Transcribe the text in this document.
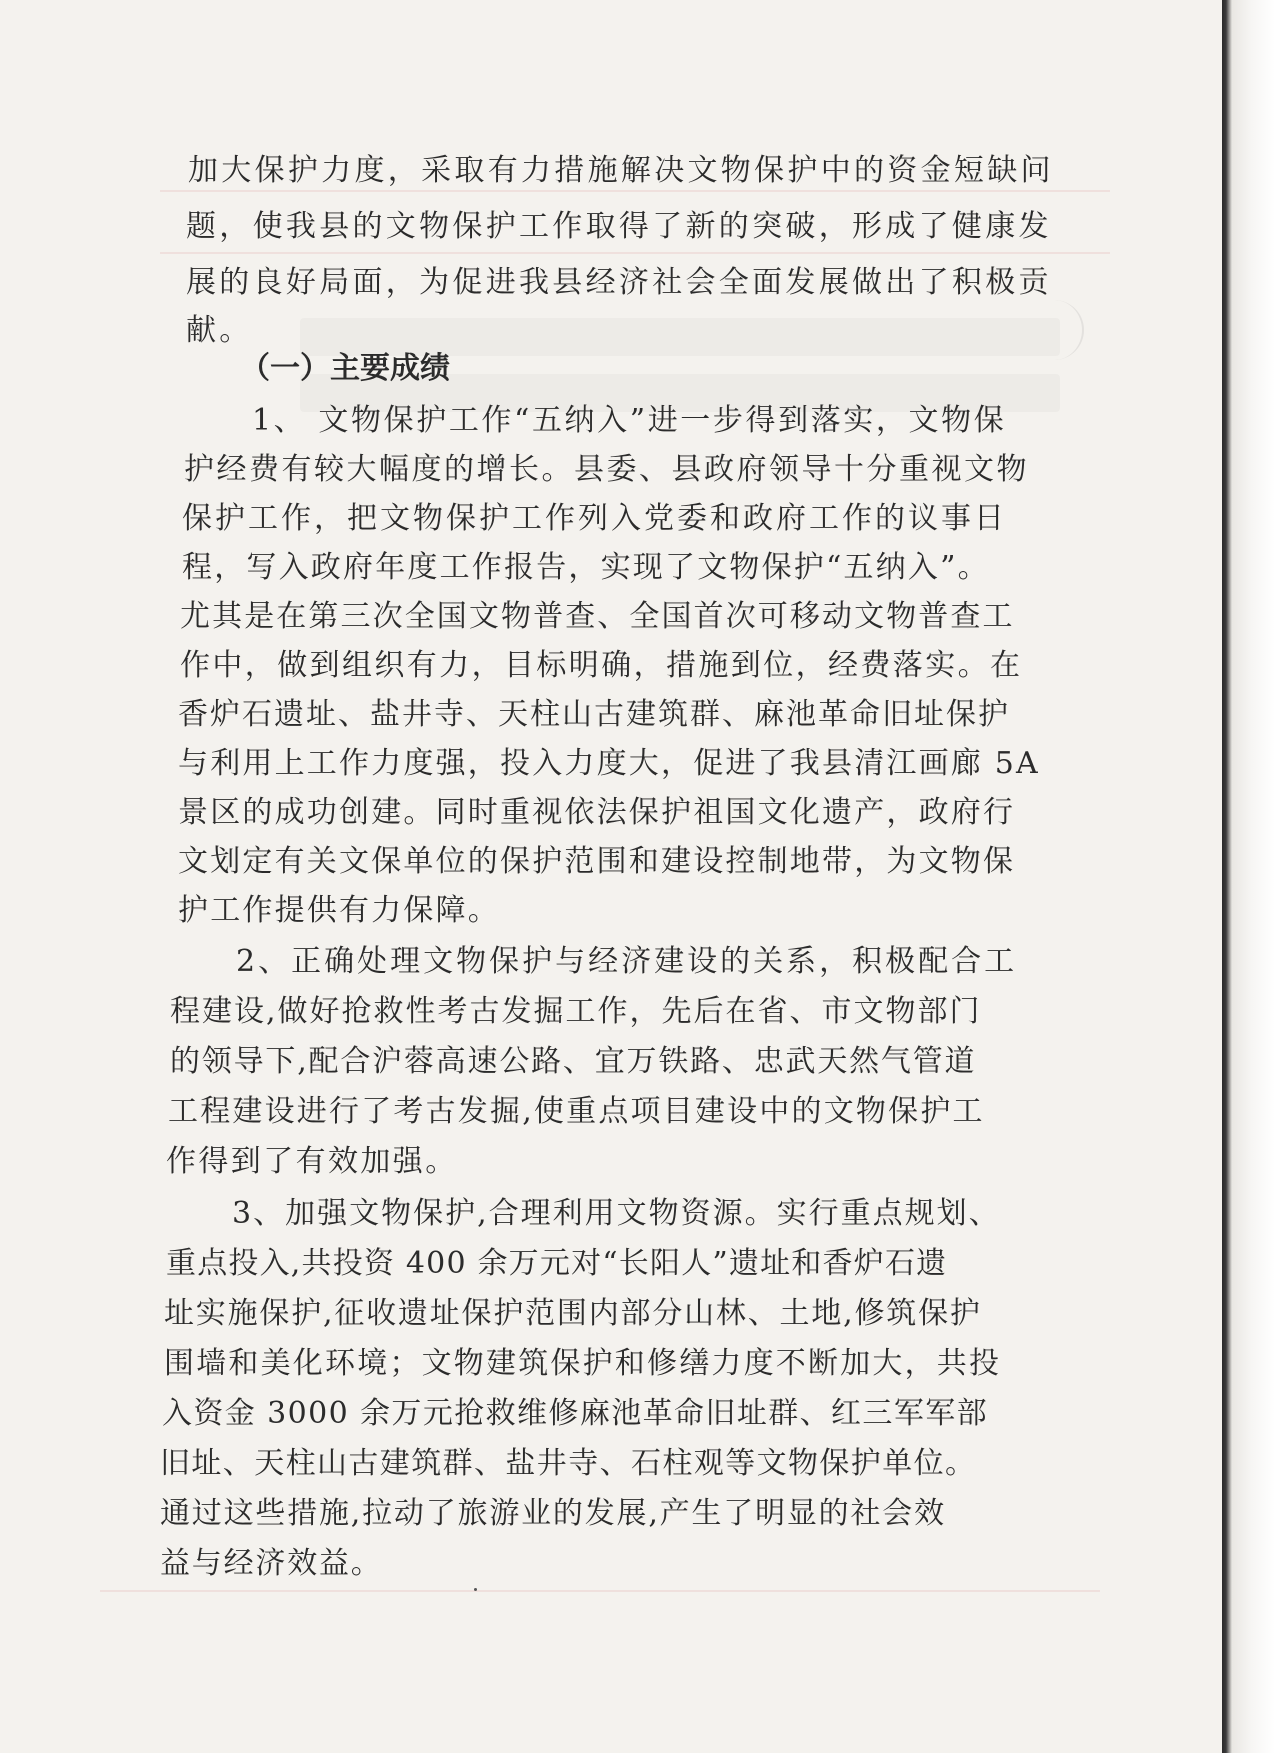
加大保护力度，采取有力措施解决文物保护中的资金短缺问
题，使我县的文物保护工作取得了新的突破，形成了健康发
展的良好局面，为促进我县经济社会全面发展做出了积极贡
献。
（一）主要成绩
1、 文物保护工作“五纳入”进一步得到落实，文物保
护经费有较大幅度的增长。县委、县政府领导十分重视文物
保护工作，把文物保护工作列入党委和政府工作的议事日
程，写入政府年度工作报告，实现了文物保护“五纳入”。
尤其是在第三次全国文物普查、全国首次可移动文物普查工
作中，做到组织有力，目标明确，措施到位，经费落实。在
香炉石遗址、盐井寺、天柱山古建筑群、麻池革命旧址保护
与利用上工作力度强，投入力度大，促进了我县清江画廊 5A
景区的成功创建。同时重视依法保护祖国文化遗产，政府行
文划定有关文保单位的保护范围和建设控制地带，为文物保
护工作提供有力保障。
2、正确处理文物保护与经济建设的关系，积极配合工
程建设,做好抢救性考古发掘工作，先后在省、市文物部门
的领导下,配合沪蓉高速公路、宜万铁路、忠武天然气管道
工程建设进行了考古发掘,使重点项目建设中的文物保护工
作得到了有效加强。
3、加强文物保护,合理利用文物资源。实行重点规划、
重点投入,共投资 400 余万元对“长阳人”遗址和香炉石遗
址实施保护,征收遗址保护范围内部分山林、土地,修筑保护
围墙和美化环境；文物建筑保护和修缮力度不断加大，共投
入资金 3000 余万元抢救维修麻池革命旧址群、红三军军部
旧址、天柱山古建筑群、盐井寺、石柱观等文物保护单位。
通过这些措施,拉动了旅游业的发展,产生了明显的社会效
益与经济效益。
